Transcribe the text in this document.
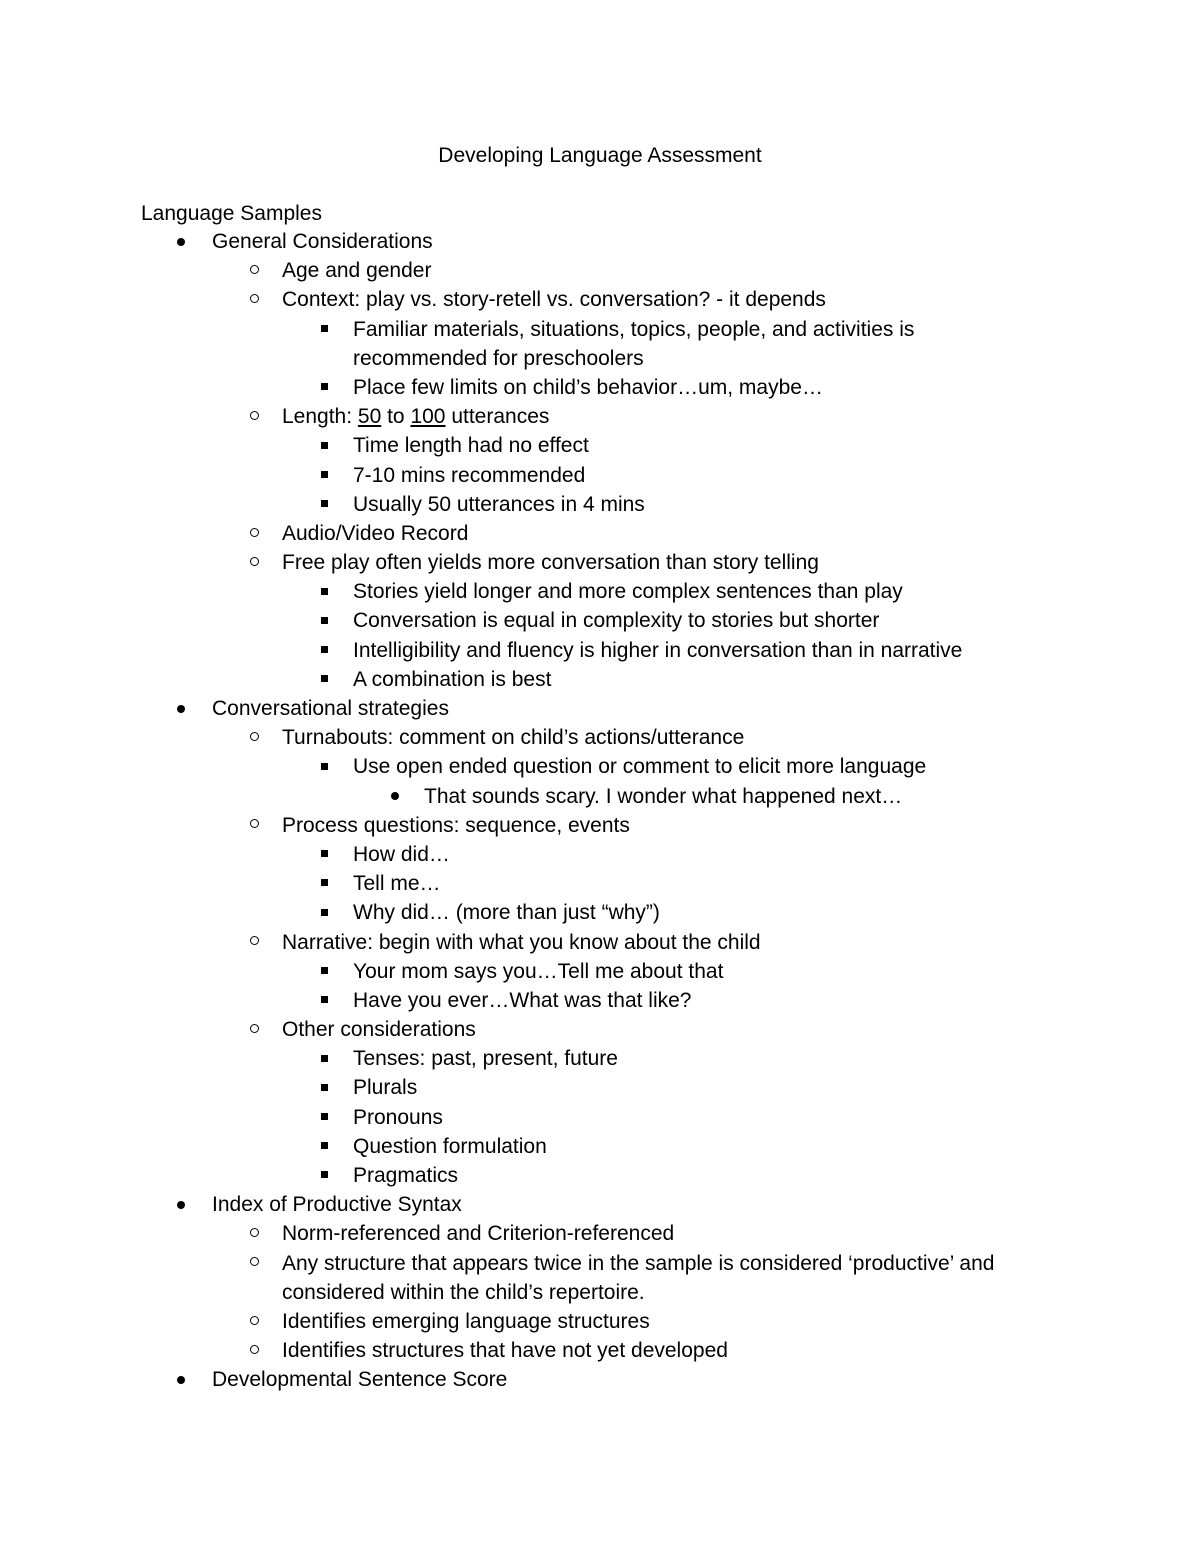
Developing Language Assessment
Language Samples
General Considerations
Age and gender
Context: play vs. story-retell vs. conversation? - it depends
Familiar materials, situations, topics, people, and activities is
recommended for preschoolers
Place few limits on child’s behavior…um, maybe…
Length: 50 to 100 utterances
Time length had no effect
7-10 mins recommended
Usually 50 utterances in 4 mins
Audio/Video Record
Free play often yields more conversation than story telling
Stories yield longer and more complex sentences than play
Conversation is equal in complexity to stories but shorter
Intelligibility and fluency is higher in conversation than in narrative
A combination is best
Conversational strategies
Turnabouts: comment on child’s actions/utterance
Use open ended question or comment to elicit more language
That sounds scary. I wonder what happened next…
Process questions: sequence, events
How did…
Tell me…
Why did… (more than just “why”)
Narrative: begin with what you know about the child
Your mom says you…Tell me about that
Have you ever…What was that like?
Other considerations
Tenses: past, present, future
Plurals
Pronouns
Question formulation
Pragmatics
Index of Productive Syntax
Norm-referenced and Criterion-referenced
Any structure that appears twice in the sample is considered ‘productive’ and
considered within the child’s repertoire.
Identifies emerging language structures
Identifies structures that have not yet developed
Developmental Sentence Score
